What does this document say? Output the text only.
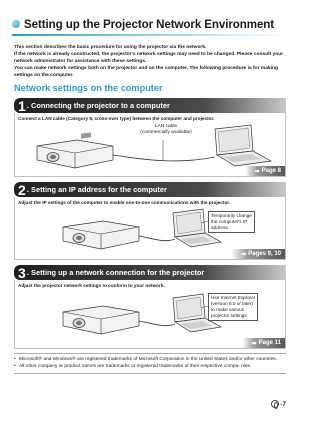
Setting up the Projector Network Environment

This section describes the basic procedure for using the projector via the network.

If the network is already constructed, the projector's network settings may need to be changed. Please consult your network administrator for assistance with these settings.

You can make network settings both on the projector and on the computer. The following procedure is for making settings on the computer.

Network settings on the computer
1 . Connecting the projector to a computer
Connect a LAN cable (Category 5, cross-over type) between the computer and projector.
LAN cable
(commercially available)
➡ Page 8
2 . Setting an IP address for the computer
Adjust the IP settings of the computer to enable one-to-one communications with the projector.
Temporarily change
the computer's IP
address.
➡ Pages 9, 10
3 . Setting up a network connection for the projector
Adjust the projector network settings to conform to your network.
Use Internet Explorer
(version 5.0 or later)
to make various
projector settings.
➡ Page 11
• Microsoft® and Windows® are registered trademarks of Microsoft Corporation in the United States and/or other countries.
• All other company or product names are trademarks or registered trademarks of their respective compa- nies.
-7
